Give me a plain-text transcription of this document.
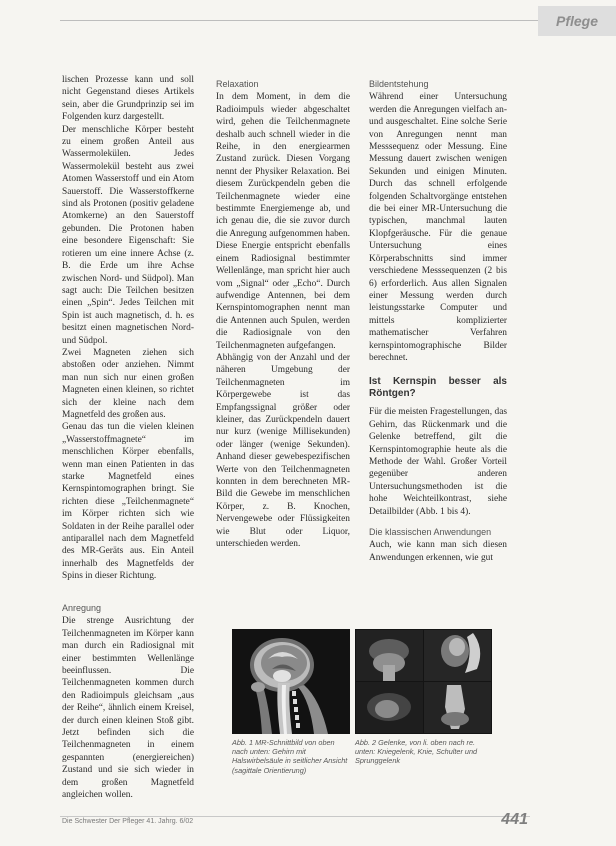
Pflege

lischen Prozesse kann und soll nicht Gegenstand dieses Artikels sein, aber die Grundprinzip sei im Folgenden kurz dargestellt.

Der menschliche Körper besteht zu einem großen Anteil aus Wassermolekülen. Jedes Wassermolekül besteht aus zwei Atomen Wasserstoff und ein Atom Sauerstoff. Die Wasserstoffkerne sind als Protonen (positiv geladene Atomkerne) an den Sauerstoff gebunden. Die Protonen haben eine besondere Eigenschaft: Sie rotieren um eine innere Achse (z. B. die Erde um ihre Achse zwischen Nord- und Südpol). Man sagt auch: Die Teilchen besitzen einen „Spin“. Jedes Teilchen mit Spin ist auch magnetisch, d. h. es besitzt einen magnetischen Nord- und Südpol.

Zwei Magneten ziehen sich abstoßen oder anziehen. Nimmt man nun sich nur einen großen Magneten einen kleinen, so richtet sich der kleine nach dem Magnetfeld des großen aus.

Genau das tun die vielen kleinen „Wasserstoffmagnete“ im menschlichen Körper ebenfalls, wenn man einen Patienten in das starke Magnetfeld eines Kernspintomographen bringt. Sie richten diese „Teilchenmagnete“ im Körper richten sich wie Soldaten in der Reihe parallel oder antiparallel nach dem Magnetfeld des MR-Geräts aus. Ein Anteil innerhalb des Magnetfelds der Spins in dieser Richtung.

Anregung

Die strenge Ausrichtung der Teilchenmagneten im Körper kann man durch ein Radiosignal mit einer bestimmten Wellenlänge beeinflussen. Die Teilchenmagneten kommen durch den Radioimpuls gleichsam „aus der Reihe“, ähnlich einem Kreisel, der durch einen kleinen Stoß gibt. Jetzt befinden sich die Teilchenmagneten in einem gespannten (energiereichen) Zustand und sie sich wieder in dem großen Magnetfeld angleichen wollen.

Relaxation

In dem Moment, in dem die Radioimpuls wieder abgeschaltet wird, gehen die Teilchenmagnete deshalb auch schnell wieder in die Reihe, in den energiearmen Zustand zurück. Diesen Vorgang nennt der Physiker Relaxation. Bei diesem Zurückpendeln geben die Teilchenmagnete wieder eine bestimmte Energiemenge ab, und ich genau die, die sie zuvor durch die Anregung aufgenommen haben. Diese Energie entspricht ebenfalls einem Radiosignal bestimmter Wellenlänge, man spricht hier auch vom „Signal“ oder „Echo“. Durch aufwendige Antennen, bei dem Kernspintomographen nennt man die Antennen auch Spulen, werden die Radiosignale von den Teilchenmagneten aufgefangen.

Abhängig von der Anzahl und der näheren Umgebung der Teilchenmagneten im Körpergewebe ist das Empfangssignal größer oder kleiner, das Zurückpendeln dauert nur kurz (wenige Millisekunden) oder länger (wenige Sekunden). Anhand dieser gewebespezifischen Werte von den Teilchenmagneten konnten in dem berechneten MR-Bild die Gewebe im menschlichen Körper, z. B. Knochen, Nervengewebe oder Flüssigkeiten wie Blut oder Liquor, unterschieden werden.

Bildentstehung

Während einer Untersuchung werden die Anregungen vielfach an- und ausgeschaltet. Eine solche Serie von Anregungen nennt man Messsequenz oder Messung. Eine Messung dauert zwischen wenigen Sekunden und einigen Minuten. Durch das schnell erfolgende folgenden Schaltvorgänge entstehen die bei einer MR-Untersuchung die typischen, manchmal lauten Klopfgeräusche. Für die genaue Untersuchung eines Körperabschnitts sind immer verschiedene Messsequenzen (2 bis 6) erforderlich. Aus allen Signalen einer Messung werden durch leistungsstarke Computer und mittels komplizierter mathematischer Verfahren kernspintomographische Bilder berechnet.

Ist Kernspin besser als Röntgen?

Für die meisten Fragestellungen, das Gehirn, das Rückenmark und die Gelenke betreffend, gilt die Kernspintomographie heute als die Methode der Wahl. Großer Vorteil gegenüber anderen Untersuchungsmethoden ist die hohe Weichteilkontrast, siehe Detailbilder (Abb. 1 bis 4).

Die klassischen Anwendungen

Auch, wie kann man sich diesen Anwendungen erkennen, wie gut

Abb. 1 MR-Schnittbild von oben nach unten: Gehirn mit Halswirbelsäule in seitlicher Ansicht (sagittale Orientierung)

Abb. 2 Gelenke, von li. oben nach re. unten: Kniegelenk, Knie, Schulter und Sprunggelenk

Die Schwester Der Pfleger 41. Jahrg. 6/02	441
